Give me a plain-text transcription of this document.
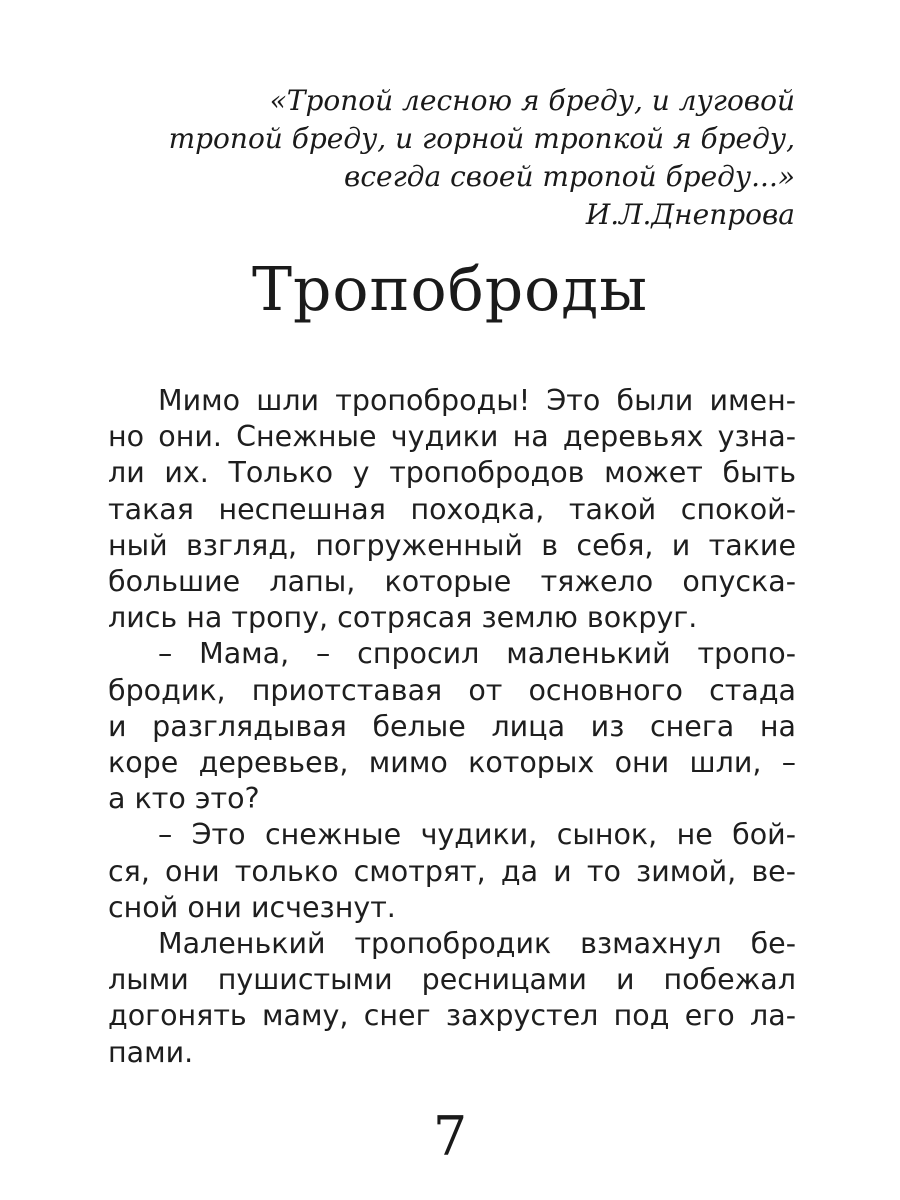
«Тропой лесною я бреду, и луговой
тропой бреду, и горной тропкой я бреду,
всегда своей тропой бреду...»
И.Л.Днепрова
Тропоброды
Мимо шли тропоброды! Это были имен-
но они. Снежные чудики на деревьях узна-
ли их. Только у тропобродов может быть
такая неспешная походка, такой спокой-
ный взгляд, погруженный в себя, и такие
большие лапы, которые тяжело опуска-
лись на тропу, сотрясая землю вокруг.
– Мама, – спросил маленький тропо-
бродик, приотставая от основного стада
и разглядывая белые лица из снега на
коре деревьев, мимо которых они шли, –
а кто это?
– Это снежные чудики, сынок, не бой-
ся, они только смотрят, да и то зимой, ве-
сной они исчезнут.
Маленький тропобродик взмахнул бе-
лыми пушистыми ресницами и побежал
догонять маму, снег захрустел под его ла-
пами.
7
